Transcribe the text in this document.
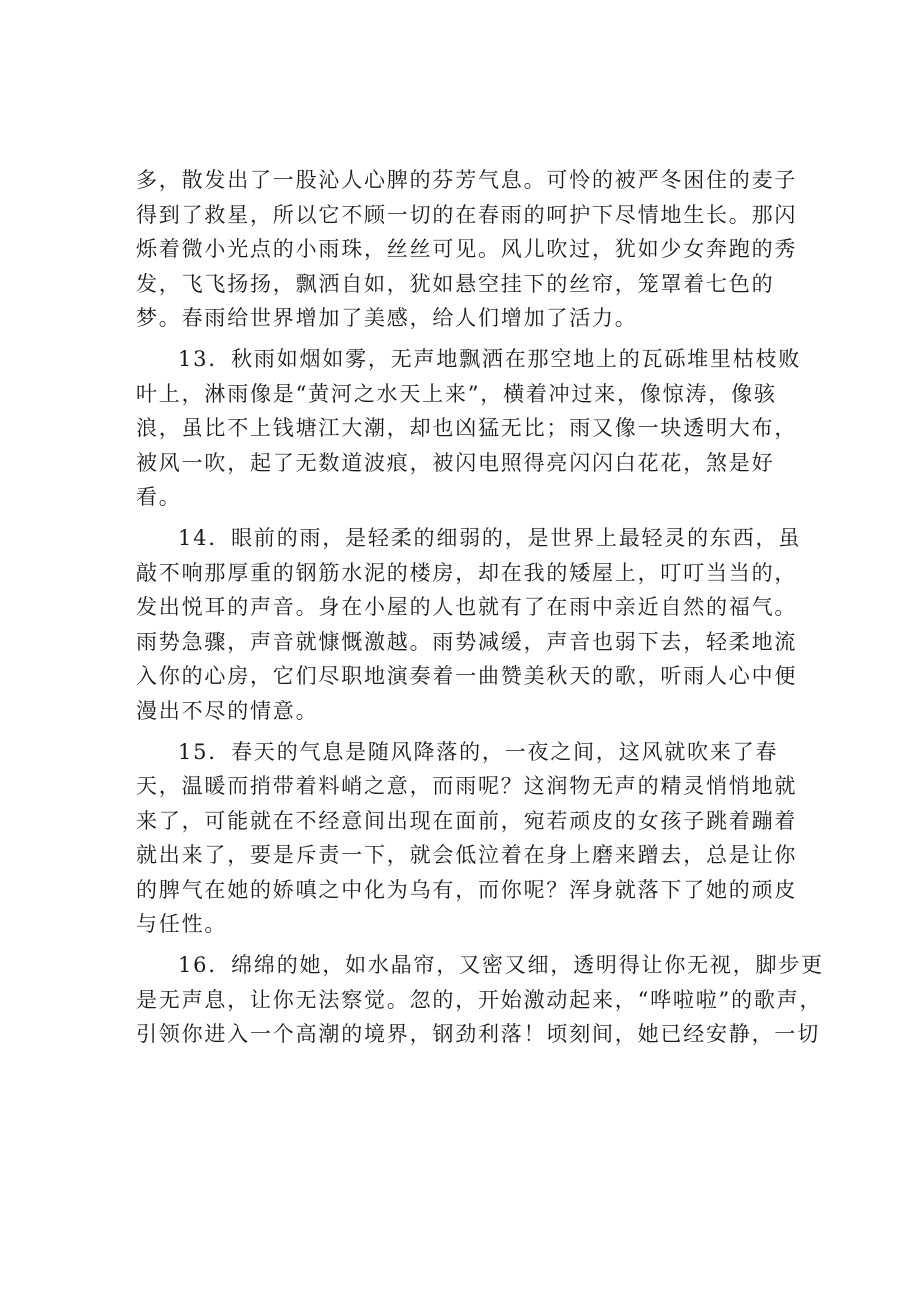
多，散发出了一股沁人心脾的芬芳气息。可怜的被严冬困住的麦子
得到了救星，所以它不顾一切的在春雨的呵护下尽情地生长。那闪
烁着微小光点的小雨珠，丝丝可见。风儿吹过，犹如少女奔跑的秀
发，飞飞扬扬，飘洒自如，犹如悬空挂下的丝帘，笼罩着七色的
梦。春雨给世界增加了美感，给人们增加了活力。
13．秋雨如烟如雾，无声地飘洒在那空地上的瓦砾堆里枯枝败
叶上，淋雨像是“黄河之水天上来”，横着冲过来，像惊涛，像骇
浪，虽比不上钱塘江大潮，却也凶猛无比；雨又像一块透明大布，
被风一吹，起了无数道波痕，被闪电照得亮闪闪白花花，煞是好
看。
14．眼前的雨，是轻柔的细弱的，是世界上最轻灵的东西，虽
敲不响那厚重的钢筋水泥的楼房，却在我的矮屋上，叮叮当当的，
发出悦耳的声音。身在小屋的人也就有了在雨中亲近自然的福气。
雨势急骤，声音就慷慨激越。雨势减缓，声音也弱下去，轻柔地流
入你的心房，它们尽职地演奏着一曲赞美秋天的歌，听雨人心中便
漫出不尽的情意。
15．春天的气息是随风降落的，一夜之间，这风就吹来了春
天，温暖而捎带着料峭之意，而雨呢？这润物无声的精灵悄悄地就
来了，可能就在不经意间出现在面前，宛若顽皮的女孩子跳着蹦着
就出来了，要是斥责一下，就会低泣着在身上磨来蹭去，总是让你
的脾气在她的娇嗔之中化为乌有，而你呢？浑身就落下了她的顽皮
与任性。
16．绵绵的她，如水晶帘，又密又细，透明得让你无视，脚步更
是无声息，让你无法察觉。忽的，开始激动起来，“哗啦啦”的歌声，
引领你进入一个高潮的境界，钢劲利落！顷刻间，她已经安静，一切
